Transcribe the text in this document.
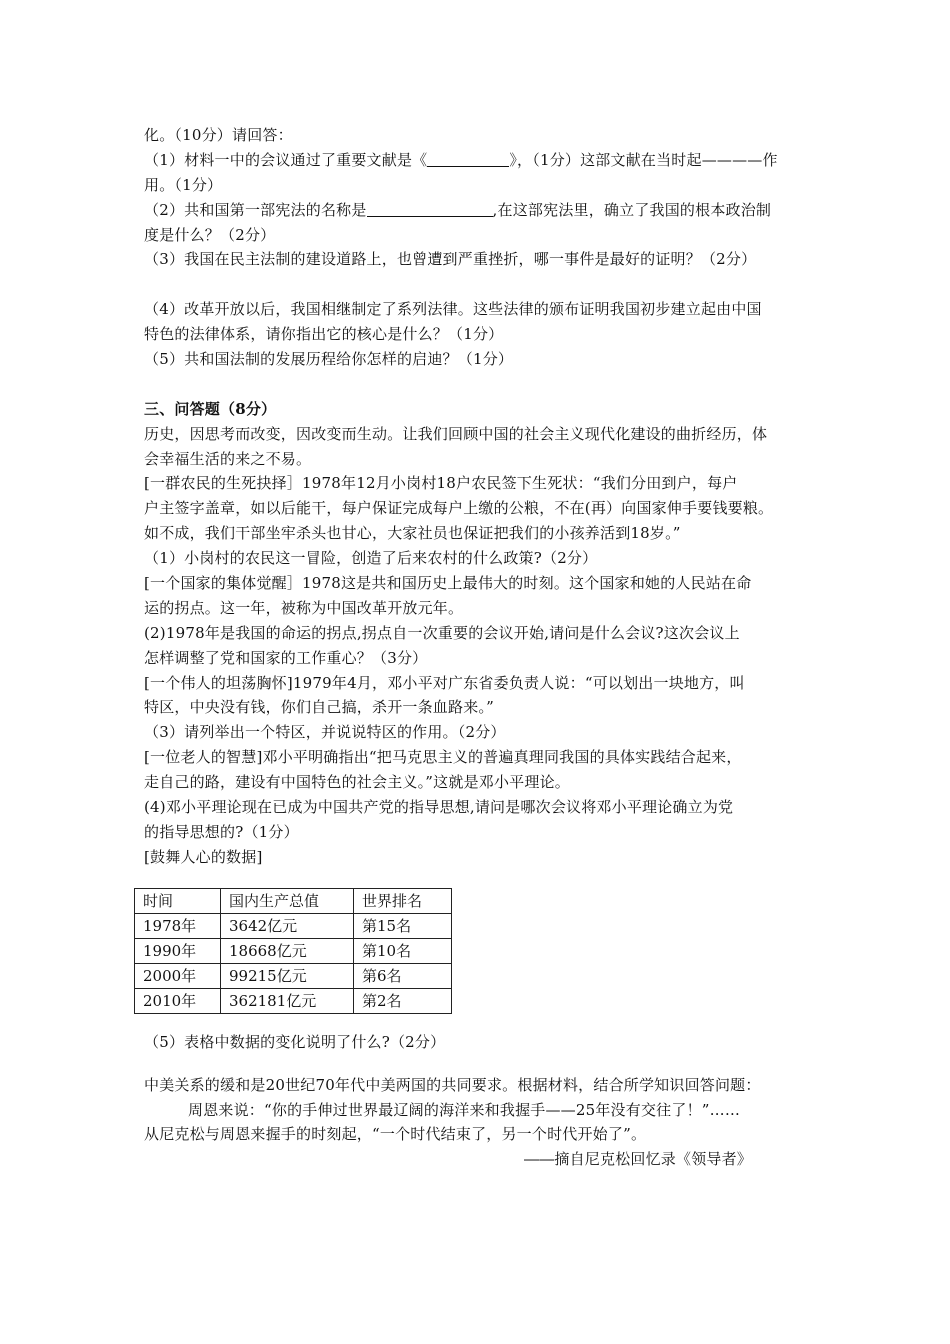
化。（10分）请回答：
（1）材料一中的会议通过了重要文献是《	》，（1分）这部文献在当时起————作
用。（1分）
（2）共和国第一部宪法的名称是	,在这部宪法里，确立了我国的根本政治制
度是什么？（2分）
（3）我国在民主法制的建设道路上，也曾遭到严重挫折，哪一事件是最好的证明？（2分）
（4）改革开放以后，我国相继制定了系列法律。这些法律的颁布证明我国初步建立起由中国
特色的法律体系，请你指出它的核心是什么？（1分）
（5）共和国法制的发展历程给你怎样的启迪？（1分）
三、问答题（8分）
历史，因思考而改变，因改变而生动。让我们回顾中国的社会主义现代化建设的曲折经历，体
会幸福生活的来之不易。
[一群农民的生死抉择］1978年12月小岗村18户农民签下生死状：“我们分田到户，每户
户主签字盖章，如以后能干，每户保证完成每户上缴的公粮，不在(再）向国家伸手要钱要粮。
如不成，我们干部坐牢杀头也甘心，大家社员也保证把我们的小孩养活到18岁。”
（1）小岗村的农民这一冒险，创造了后来农村的什么政策?（2分）
[一个国家的集体觉醒］1978这是共和国历史上最伟大的时刻。这个国家和她的人民站在命
运的拐点。这一年，被称为中国改革开放元年。
(2)1978年是我国的命运的拐点,拐点自一次重要的会议开始,请问是什么会议?这次会议上
怎样调整了党和国家的工作重心？（3分）
[一个伟人的坦荡胸怀]1979年4月，邓小平对广东省委负责人说：“可以划出一块地方，叫
特区，中央没有钱，你们自己搞，杀开一条血路来。”
（3）请列举出一个特区，并说说特区的作用。（2分）
[一位老人的智慧]邓小平明确指出“把马克思主义的普遍真理同我国的具体实践结合起来，
走自己的路，建设有中国特色的社会主义。”这就是邓小平理论。
(4)邓小平理论现在已成为中国共产党的指导思想,请问是哪次会议将邓小平理论确立为党
的指导思想的?（1分）
[鼓舞人心的数据]
时间	国内生产总值	世界排名
1978年	3642亿元	第15名
1990年	18668亿元	第10名
2000年	99215亿元	第6名
2010年	362181亿元	第2名
（5）表格中数据的变化说明了什么?（2分）
中美关系的缓和是20世纪70年代中美两国的共同要求。根据材料，结合所学知识回答问题：
周恩来说：“你的手伸过世界最辽阔的海洋来和我握手——25年没有交往了！”……
从尼克松与周恩来握手的时刻起，“一个时代结束了，另一个时代开始了”。
――摘自尼克松回忆录《领导者》
